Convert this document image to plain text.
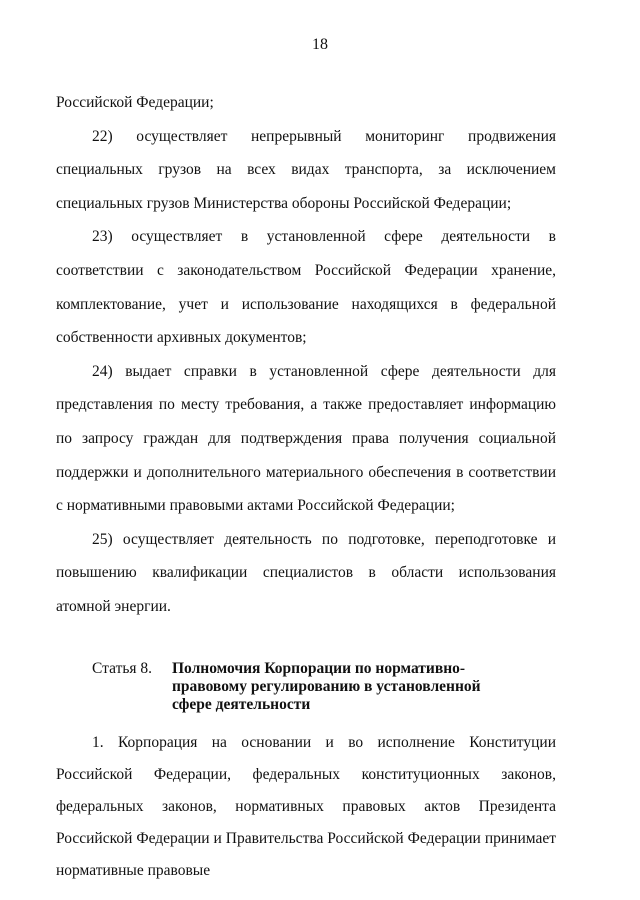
18

Российской Федерации;

22) осуществляет непрерывный мониторинг продвижения специальных грузов на всех видах транспорта, за исключением специальных грузов Министерства обороны Российской Федерации;

23) осуществляет в установленной сфере деятельности в соответствии с законодательством Российской Федерации хранение, комплектование, учет и использование находящихся в федеральной собственности архивных документов;

24) выдает справки в установленной сфере деятельности для представления по месту требования, а также предоставляет информацию по запросу граждан для подтверждения права получения социальной поддержки и дополнительного материального обеспечения в соответствии с нормативными правовыми актами Российской Федерации;

25) осуществляет деятельность по подготовке, переподготовке и повышению квалификации специалистов в области использования атомной энергии.

Статья 8. Полномочия Корпорации по нормативно-правовому регулированию в установленной сфере деятельности

1. Корпорация на основании и во исполнение Конституции Российской Федерации, федеральных конституционных законов, федеральных законов, нормативных правовых актов Президента Российской Федерации и Правительства Российской Федерации принимает нормативные правовые
